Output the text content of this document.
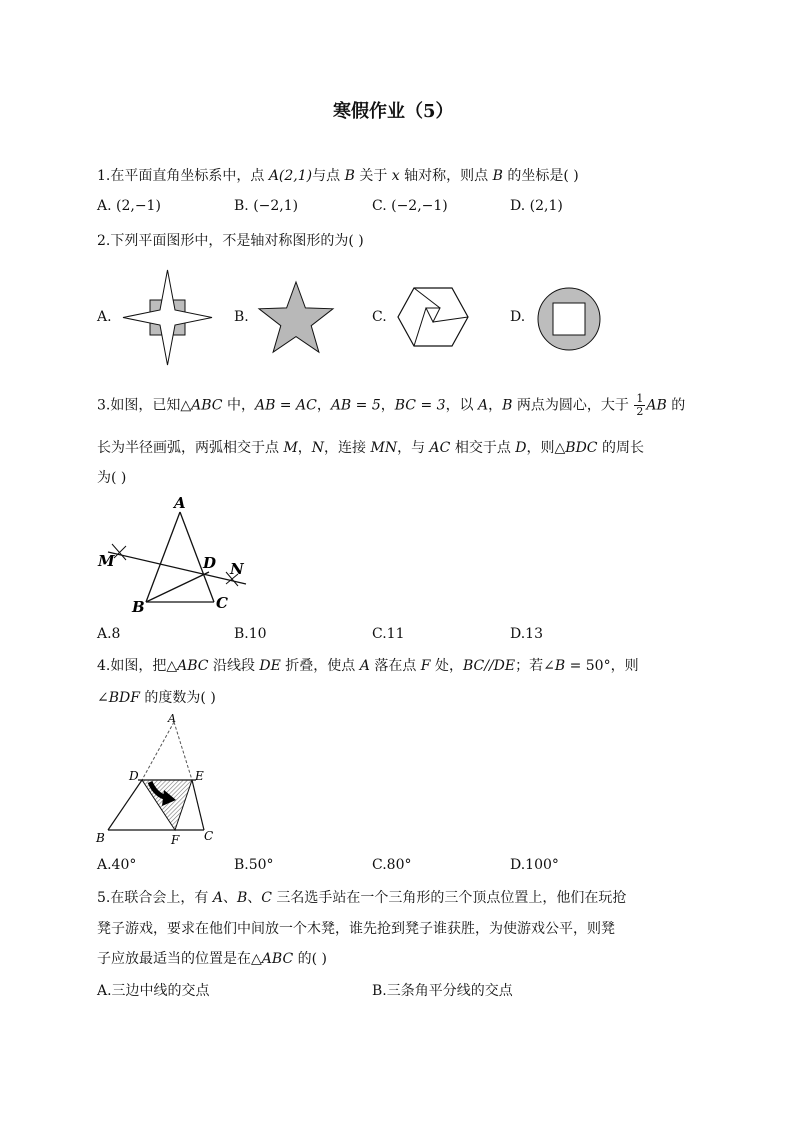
寒假作业（5）
1.在平面直角坐标系中，点 A(2,1)与点 B 关于 x 轴对称，则点 B 的坐标是( )
A. (2,−1)	B. (−2,1)	C. (−2,−1)	D. (2,1)
2.下列平面图形中，不是轴对称图形的为( )
A.	B.	C.	D.
3.如图，已知△ABC 中，AB = AC，AB = 5，BC = 3，以 A，B 两点为圆心，大于 $\frac{1}{2}$ AB 的
长为半径画弧，两弧相交于点 M，N，连接 MN，与 AC 相交于点 D，则△BDC 的周长
为( )
A
M	D N
B	C
A.8	B.10	C.11	D.13
4.如图，把△ABC 沿线段 DE 折叠，使点 A 落在点 F 处，BC//DE；若∠B = 50°，则
∠BDF 的度数为( )
A
D	E
B	F C
A.40°	B.50°	C.80°	D.100°
5.在联合会上，有 A、B、C 三名选手站在一个三角形的三个顶点位置上，他们在玩抢
凳子游戏，要求在他们中间放一个木凳，谁先抢到凳子谁获胜，为使游戏公平，则凳
子应放最适当的位置是在△ABC 的( )
A.三边中线的交点	B.三条角平分线的交点
